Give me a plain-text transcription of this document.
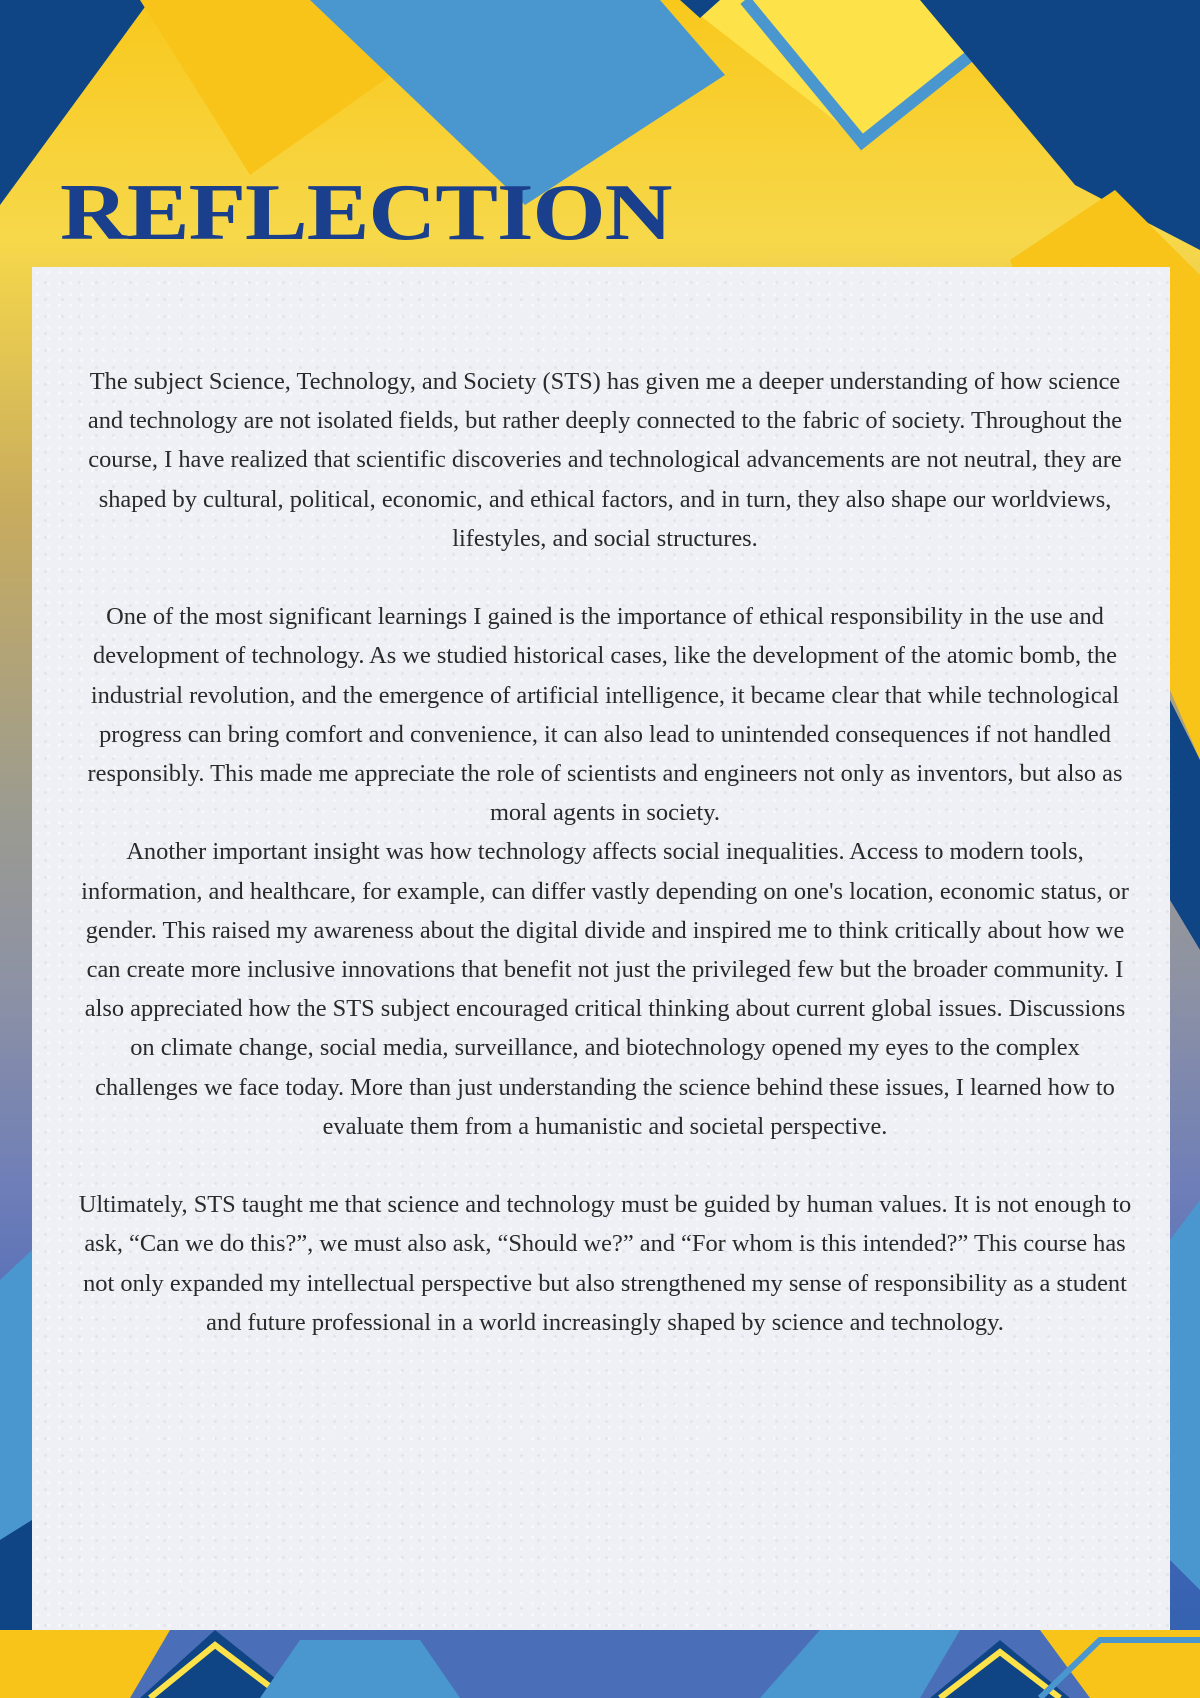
REFLECTION

The subject Science, Technology, and Society (STS) has given me a deeper understanding of how science and technology are not isolated fields, but rather deeply connected to the fabric of society. Throughout the course, I have realized that scientific discoveries and technological advancements are not neutral, they are shaped by cultural, political, economic, and ethical factors, and in turn, they also shape our worldviews, lifestyles, and social structures.

One of the most significant learnings I gained is the importance of ethical responsibility in the use and development of technology. As we studied historical cases, like the development of the atomic bomb, the industrial revolution, and the emergence of artificial intelligence, it became clear that while technological progress can bring comfort and convenience, it can also lead to unintended consequences if not handled responsibly. This made me appreciate the role of scientists and engineers not only as inventors, but also as moral agents in society.

Another important insight was how technology affects social inequalities. Access to modern tools, information, and healthcare, for example, can differ vastly depending on one's location, economic status, or gender. This raised my awareness about the digital divide and inspired me to think critically about how we can create more inclusive innovations that benefit not just the privileged few but the broader community. I also appreciated how the STS subject encouraged critical thinking about current global issues. Discussions on climate change, social media, surveillance, and biotechnology opened my eyes to the complex challenges we face today. More than just understanding the science behind these issues, I learned how to evaluate them from a humanistic and societal perspective.

Ultimately, STS taught me that science and technology must be guided by human values. It is not enough to ask, “Can we do this?”, we must also ask, “Should we?” and “For whom is this intended?” This course has not only expanded my intellectual perspective but also strengthened my sense of responsibility as a student and future professional in a world increasingly shaped by science and technology.
